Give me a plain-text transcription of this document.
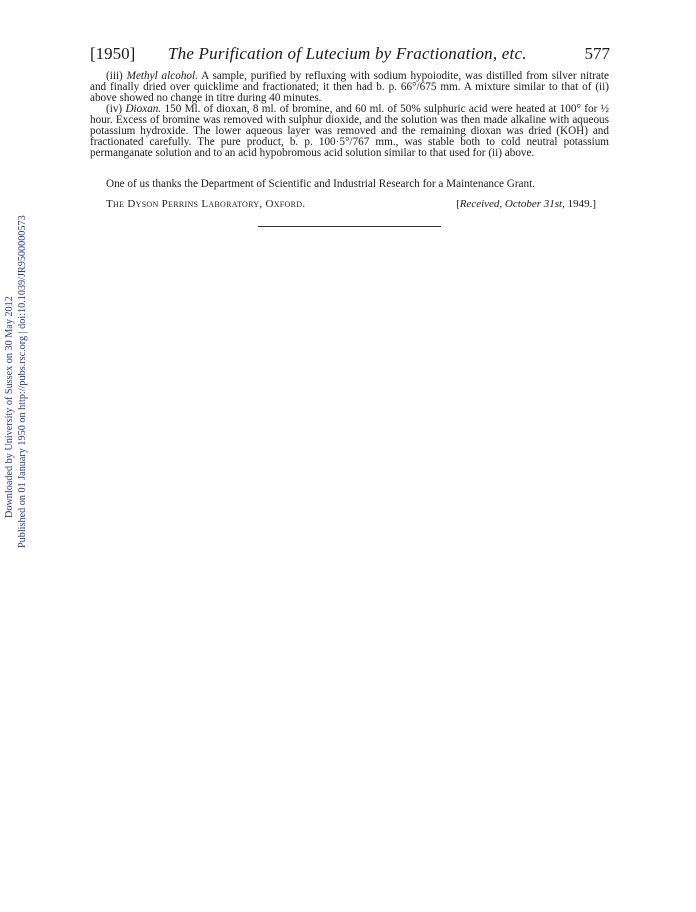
Downloaded by University of Sussex on 30 May 2012 Published on 01 January 1950 on http://pubs.rsc.org | doi:10.1039/JR9500000573
[1950] The Purification of Lutecium by Fractionation, etc.	577

(iii) Methyl alcohol. A sample, purified by refluxing with sodium hypoiodite, was distilled from silver nitrate and finally dried over quicklime and fractionated; it then had b. p. 66°/675 mm. A mixture similar to that of (ii) above showed no change in titre during 40 minutes.

(iv) Dioxan. 150 Ml. of dioxan, 8 ml. of bromine, and 60 ml. of 50% sulphuric acid were heated at 100° for ½ hour. Excess of bromine was removed with sulphur dioxide, and the solution was then made alkaline with aqueous potassium hydroxide. The lower aqueous layer was removed and the remaining dioxan was dried (KOH) and fractionated carefully. The pure product, b. p. 100·5°/767 mm., was stable both to cold neutral potassium permanganate solution and to an acid hypobromous acid solution similar to that used for (ii) above.

One of us thanks the Department of Scientific and Industrial Research for a Maintenance Grant.
The Dyson Perrins Laboratory, Oxford.	[Received, October 31st, 1949.]
